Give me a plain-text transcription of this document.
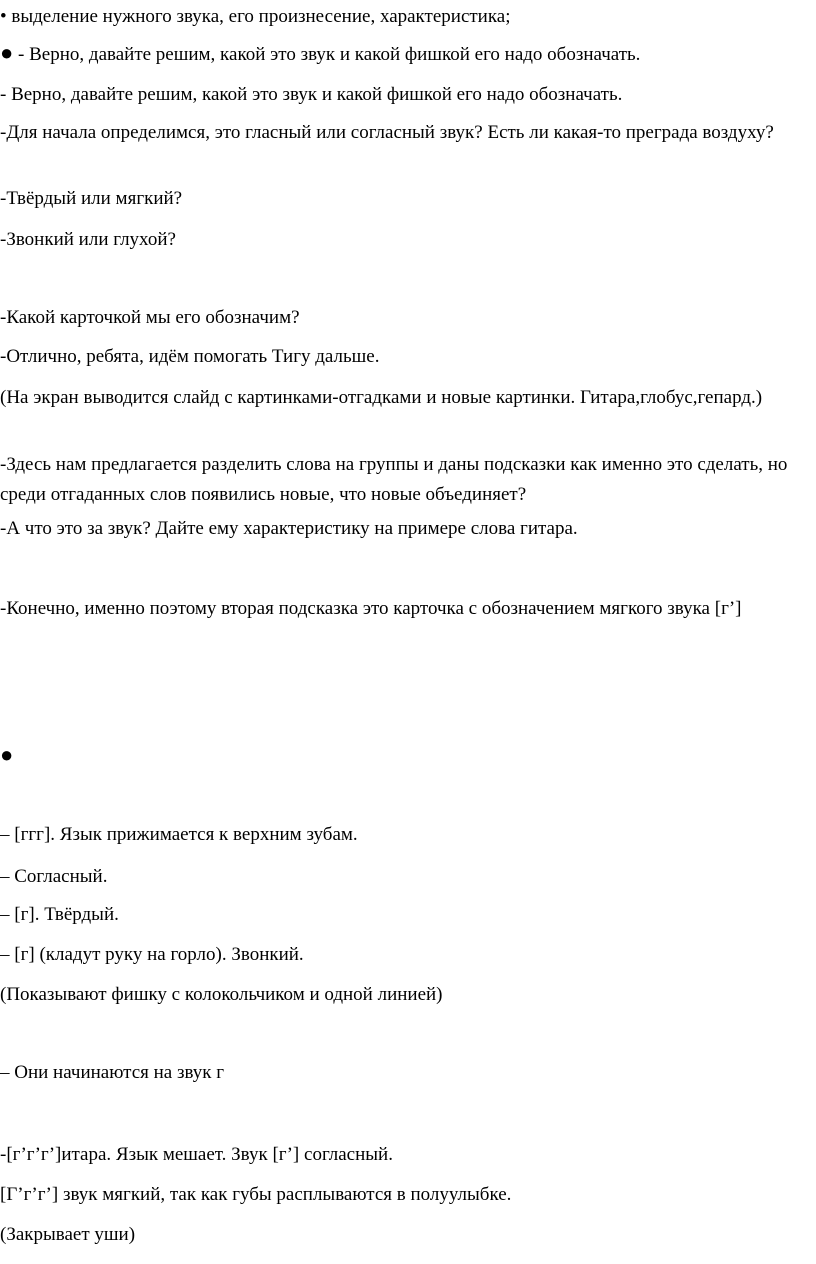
• выделение нужного звука, его произнесение, характеристика;
● - Верно, давайте решим, какой это звук и какой фишкой его надо обозначать.
- Верно, давайте решим, какой это звук и какой фишкой его надо обозначать.
-Для начала определимся, это гласный или согласный звук? Есть ли какая-то преграда воздуху?
-Твёрдый или мягкий?
-Звонкий или глухой?
-Какой карточкой мы его обозначим?
-Отлично, ребята, идём помогать Тигу дальше.
(На экран выводится слайд с картинками-отгадками и новые картинки. Гитара,глобус,гепард.)
-Здесь нам предлагается разделить слова на группы и даны подсказки как именно это сделать, но среди отгаданных слов появились новые, что новые объединяет?
-А что это за звук? Дайте ему характеристику на примере слова гитара.
-Конечно, именно поэтому вторая подсказка это карточка с обозначением мягкого звука [г’]
●
– [ггг]. Язык прижимается к верхним зубам.
– Согласный.
– [г]. Твёрдый.
– [г] (кладут руку на горло). Звонкий.
(Показывают фишку с колокольчиком и одной линией)
– Они начинаются на звук г
-[г’г’г’]итара. Язык мешает. Звук [г’] согласный.
[Г’г’г’] звук мягкий, так как губы расплываются в полуулыбке.
(Закрывает уши)
